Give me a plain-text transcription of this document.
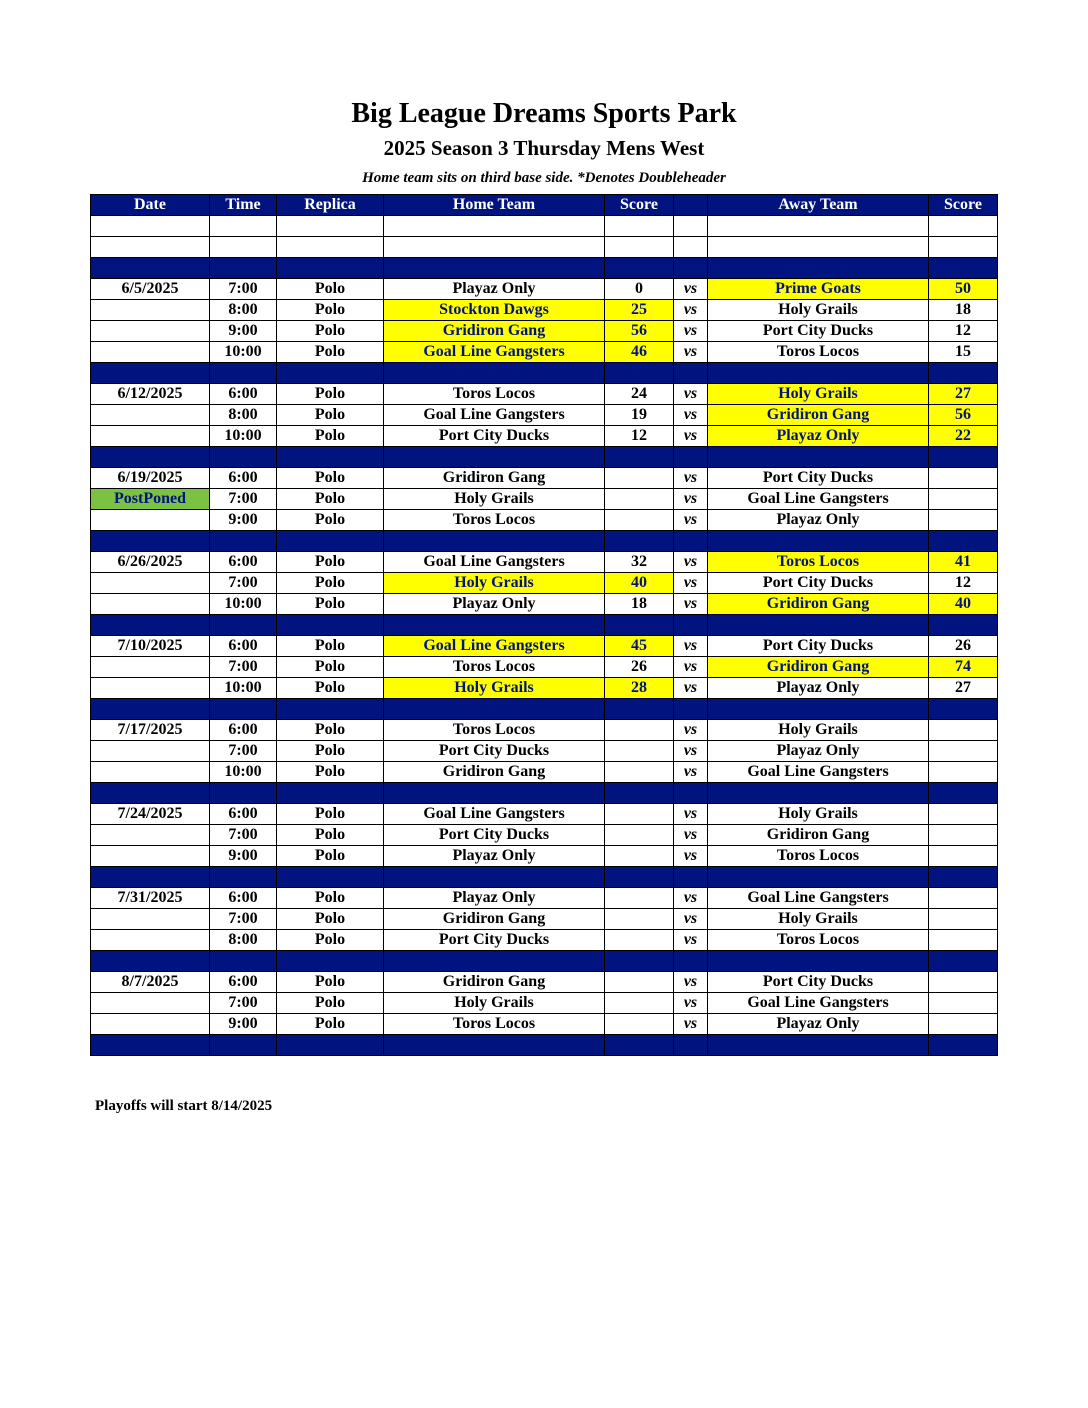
Big League Dreams Sports Park
2025 Season 3 Thursday Mens West
Home team sits on third base side. *Denotes Doubleheader
Date	Time	Replica	Home Team	Score		Away Team	Score

6/5/2025	7:00	Polo	Playaz Only	0	vs	Prime Goats	50
	8:00	Polo	Stockton Dawgs	25	vs	Holy Grails	18
	9:00	Polo	Gridiron Gang	56	vs	Port City Ducks	12
	10:00	Polo	Goal Line Gangsters	46	vs	Toros Locos	15

6/12/2025	6:00	Polo	Toros Locos	24	vs	Holy Grails	27
	8:00	Polo	Goal Line Gangsters	19	vs	Gridiron Gang	56
	10:00	Polo	Port City Ducks	12	vs	Playaz Only	22

6/19/2025	6:00	Polo	Gridiron Gang		vs	Port City Ducks	
PostPoned	7:00	Polo	Holy Grails		vs	Goal Line Gangsters	
	9:00	Polo	Toros Locos		vs	Playaz Only	

6/26/2025	6:00	Polo	Goal Line Gangsters	32	vs	Toros Locos	41
	7:00	Polo	Holy Grails	40	vs	Port City Ducks	12
	10:00	Polo	Playaz Only	18	vs	Gridiron Gang	40

7/10/2025	6:00	Polo	Goal Line Gangsters	45	vs	Port City Ducks	26
	7:00	Polo	Toros Locos	26	vs	Gridiron Gang	74
	10:00	Polo	Holy Grails	28	vs	Playaz Only	27

7/17/2025	6:00	Polo	Toros Locos		vs	Holy Grails	
	7:00	Polo	Port City Ducks		vs	Playaz Only	
	10:00	Polo	Gridiron Gang		vs	Goal Line Gangsters	

7/24/2025	6:00	Polo	Goal Line Gangsters		vs	Holy Grails	
	7:00	Polo	Port City Ducks		vs	Gridiron Gang	
	9:00	Polo	Playaz Only		vs	Toros Locos	

7/31/2025	6:00	Polo	Playaz Only		vs	Goal Line Gangsters	
	7:00	Polo	Gridiron Gang		vs	Holy Grails	
	8:00	Polo	Port City Ducks		vs	Toros Locos	

8/7/2025	6:00	Polo	Gridiron Gang		vs	Port City Ducks	
	7:00	Polo	Holy Grails		vs	Goal Line Gangsters	
	9:00	Polo	Toros Locos		vs	Playaz Only	

Playoffs will start 8/14/2025
